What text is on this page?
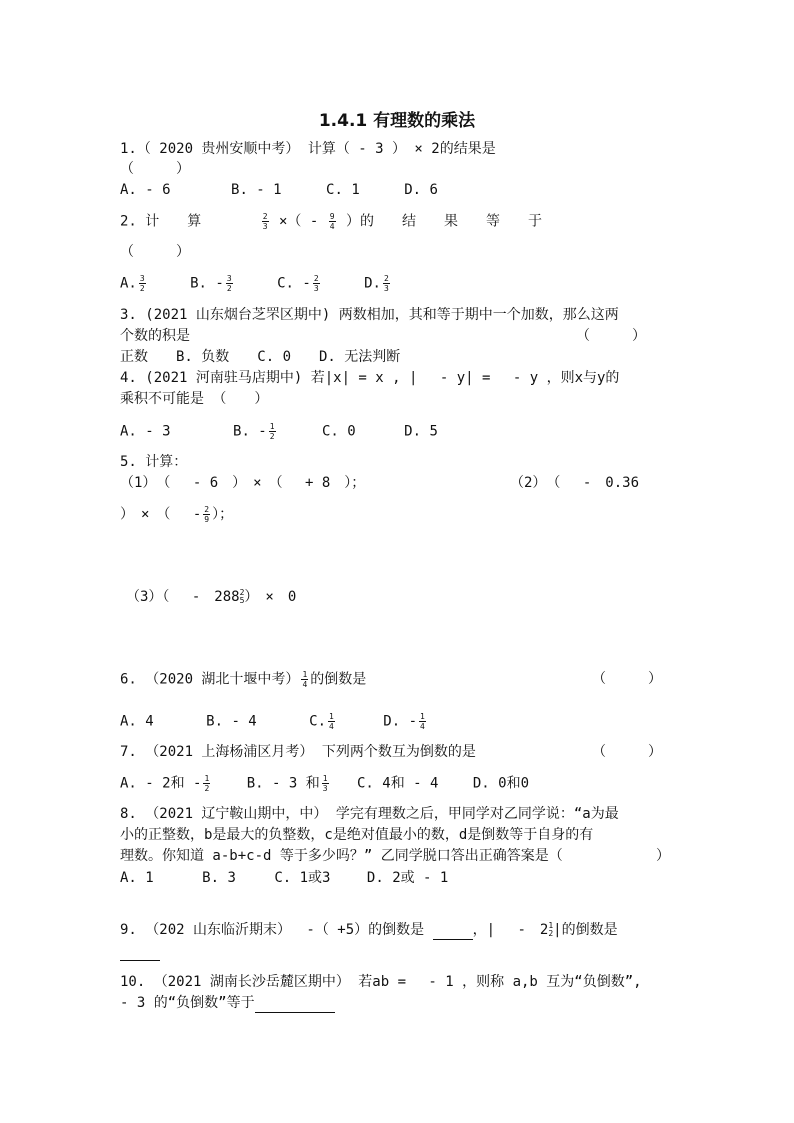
1.4.1 有理数的乘法
1.（ 2020 贵州安顺中考） 计算（ - 3 ） × 2的结果是
（　　　）
A. - 6	B. - 1	C. 1	D. 6
2. 计　　算	$\frac{2}{3}$ ×（ - $\frac{9}{4}$ ）的　　结　　果　　等　　于
（　　　）
A. $\frac{3}{2}$	B. - $\frac{3}{2}$	C. - $\frac{2}{3}$	D. $\frac{2}{3}$
3. (2021 山东烟台芝罘区期中) 两数相加，其和等于期中一个加数，那么这两
个数的积是	（　　　）
正数　　B. 负数　　C. 0　　D. 无法判断
4. (2021 河南驻马店期中) 若|x| = x , |　 - y| =　 - y ，则x与y的
乘积不可能是 （　　）
A. - 3	B. - $\frac{1}{2}$	C. 0	D. 5
5. 计算：
（1）　（　 - 6　）　×　（　 + 8　）；	（2）　（　 -　0.36
）　×　（　 - $\frac{2}{9}$ ）；
（3）（　 -　288 2
5 ）　×　0
6. （2020 湖北十堰中考） $\frac{1}{4}$ 的倒数是	（　　　）
A. 4	B. - 4	C. $\frac{1}{4}$	D. - $\frac{1}{4}$
7. （2021 上海杨浦区月考） 下列两个数互为倒数的是	（　　　）
A. - 2和 - $\frac{1}{2}$	B. - 3 和 $\frac{1}{3} C$. 4和 - 4 D. 0和0
8. （2021 辽宁鞍山期中，中） 学完有理数之后，甲同学对乙同学说：“a为最
小的正整数，b是最大的负整数，c是绝对值最小的数，d是倒数等于自身的有
理数。你知道 a-b+c-d 等于多少吗？” 乙同学脱口答出正确答案是（	）
A. 1	B. 3	C. 1或3	D. 2或 - 1
9. （202 山东临沂期末）　 -（ +5）的倒数是	，|　 -　2 1
2 |的倒数是

10. （2021 湖南长沙岳麓区期中） 若ab =　 - 1 ，则称 a,b 互为“负倒数”,
- 3 的“负倒数”等于
